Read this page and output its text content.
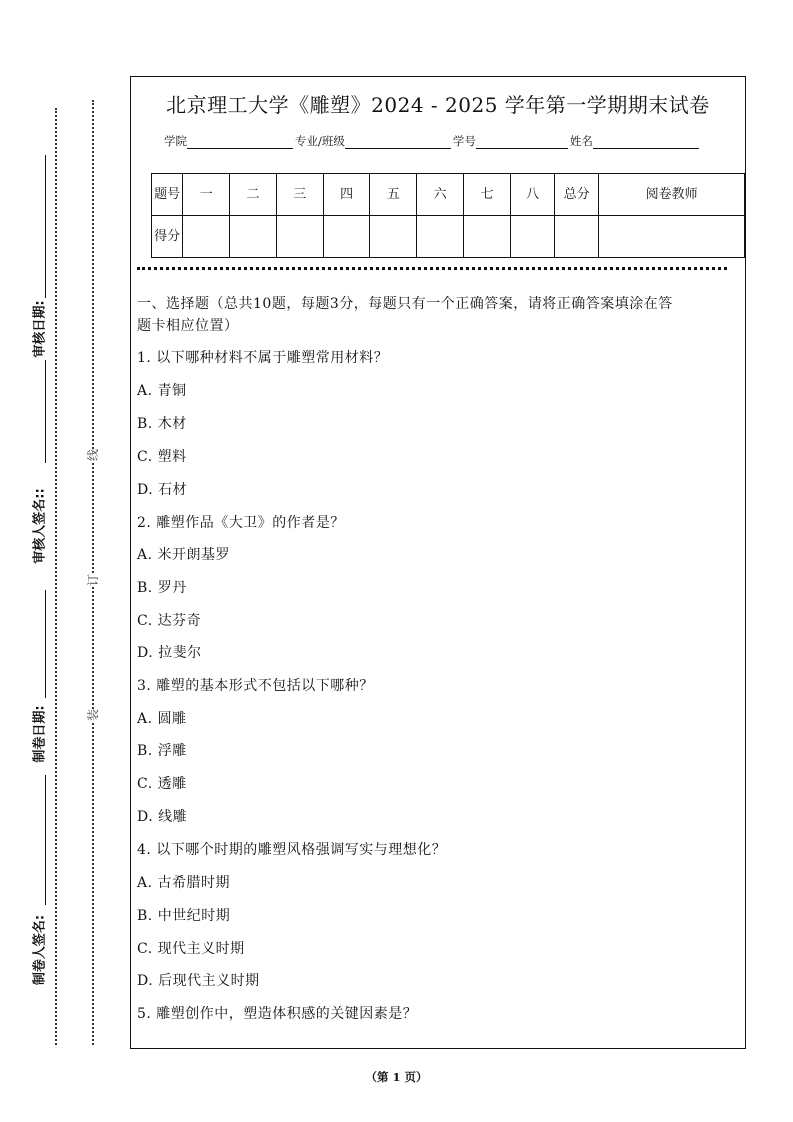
审核日期:
审核人签名::
制卷日期:
制卷人签名:
线
订
装
北京理工大学《雕塑》2024 - 2025 学年第一学期期末试卷
学院	专业/班级	学号	姓名
题号	一	二	三	四	五	六	七	八	总分	阅卷教师
得分										
一、选择题（总共10题，每题3分，每题只有一个正确答案，请将正确答案填涂在答
题卡相应位置）
1. 以下哪种材料不属于雕塑常用材料？
A. 青铜
B. 木材
C. 塑料
D. 石材
2. 雕塑作品《大卫》的作者是？
A. 米开朗基罗
B. 罗丹
C. 达芬奇
D. 拉斐尔
3. 雕塑的基本形式不包括以下哪种？
A. 圆雕
B. 浮雕
C. 透雕
D. 线雕
4. 以下哪个时期的雕塑风格强调写实与理想化？
A. 古希腊时期
B. 中世纪时期
C. 现代主义时期
D. 后现代主义时期
5. 雕塑创作中，塑造体积感的关键因素是？
（第 1 页）
